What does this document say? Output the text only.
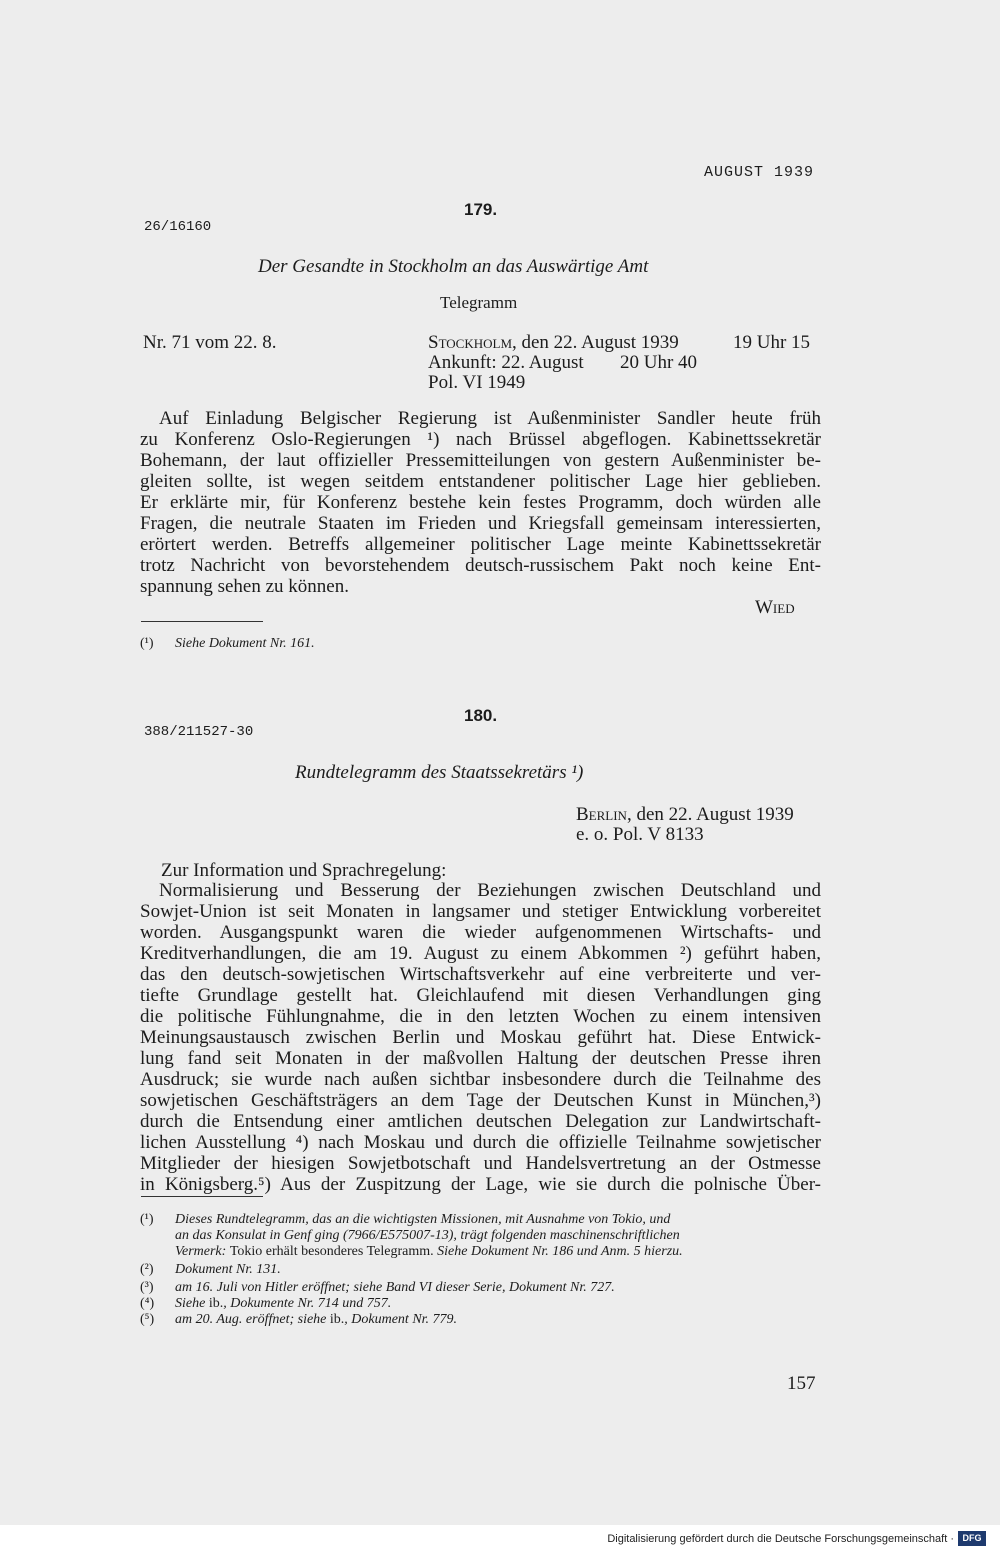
AUGUST 1939
179.
26/16160
Der Gesandte in Stockholm an das Auswärtige Amt
Telegramm
Nr. 71 vom 22. 8.	Stockholm, den 22. August 1939	19 Uhr 15
Ankunft: 22. August 20 Uhr 40
Pol. VI 1949
Auf Einladung Belgischer Regierung ist Außenminister Sandler heute früh
zu Konferenz Oslo-Regierungen ¹) nach Brüssel abgeflogen. Kabinettssekretär
Bohemann, der laut offizieller Pressemitteilungen von gestern Außenminister be-
gleiten sollte, ist wegen seitdem entstandener politischer Lage hier geblieben.
Er erklärte mir, für Konferenz bestehe kein festes Programm, doch würden alle
Fragen, die neutrale Staaten im Frieden und Kriegsfall gemeinsam interessierten,
erörtert werden. Betreffs allgemeiner politischer Lage meinte Kabinettssekretär
trotz Nachricht von bevorstehendem deutsch-russischem Pakt noch keine Ent-
spannung sehen zu können.
Wied
(¹) Siehe Dokument Nr. 161.
180.
388/211527-30
Rundtelegramm des Staatssekretärs ¹)
Berlin, den 22. August 1939
e. o. Pol. V 8133
Zur Information und Sprachregelung:
Normalisierung und Besserung der Beziehungen zwischen Deutschland und
Sowjet-Union ist seit Monaten in langsamer und stetiger Entwicklung vorbereitet
worden. Ausgangspunkt waren die wieder aufgenommenen Wirtschafts- und
Kreditverhandlungen, die am 19. August zu einem Abkommen ²) geführt haben,
das den deutsch-sowjetischen Wirtschaftsverkehr auf eine verbreiterte und ver-
tiefte Grundlage gestellt hat. Gleichlaufend mit diesen Verhandlungen ging
die politische Fühlungnahme, die in den letzten Wochen zu einem intensiven
Meinungsaustausch zwischen Berlin und Moskau geführt hat. Diese Entwick-
lung fand seit Monaten in der maßvollen Haltung der deutschen Presse ihren
Ausdruck; sie wurde nach außen sichtbar insbesondere durch die Teilnahme des
sowjetischen Geschäftsträgers an dem Tage der Deutschen Kunst in München,³)
durch die Entsendung einer amtlichen deutschen Delegation zur Landwirtschaft-
lichen Ausstellung ⁴) nach Moskau und durch die offizielle Teilnahme sowjetischer
Mitglieder der hiesigen Sowjetbotschaft und Handelsvertretung an der Ostmesse
in Königsberg.⁵) Aus der Zuspitzung der Lage, wie sie durch die polnische Über-
(¹) Dieses Rundtelegramm, das an die wichtigsten Missionen, mit Ausnahme von Tokio, und
an das Konsulat in Genf ging (7966/E575007-13), trägt folgenden maschinenschriftlichen
Vermerk: Tokio erhält besonderes Telegramm. Siehe Dokument Nr. 186 und Anm. 5 hierzu.
(²) Dokument Nr. 131.
(³) am 16. Juli von Hitler eröffnet; siehe Band VI dieser Serie, Dokument Nr. 727.
(⁴) Siehe ib., Dokumente Nr. 714 und 757.
(⁵) am 20. Aug. eröffnet; siehe ib., Dokument Nr. 779.
157
Digitalisierung gefördert durch die Deutsche Forschungsgemeinschaft · DFG
